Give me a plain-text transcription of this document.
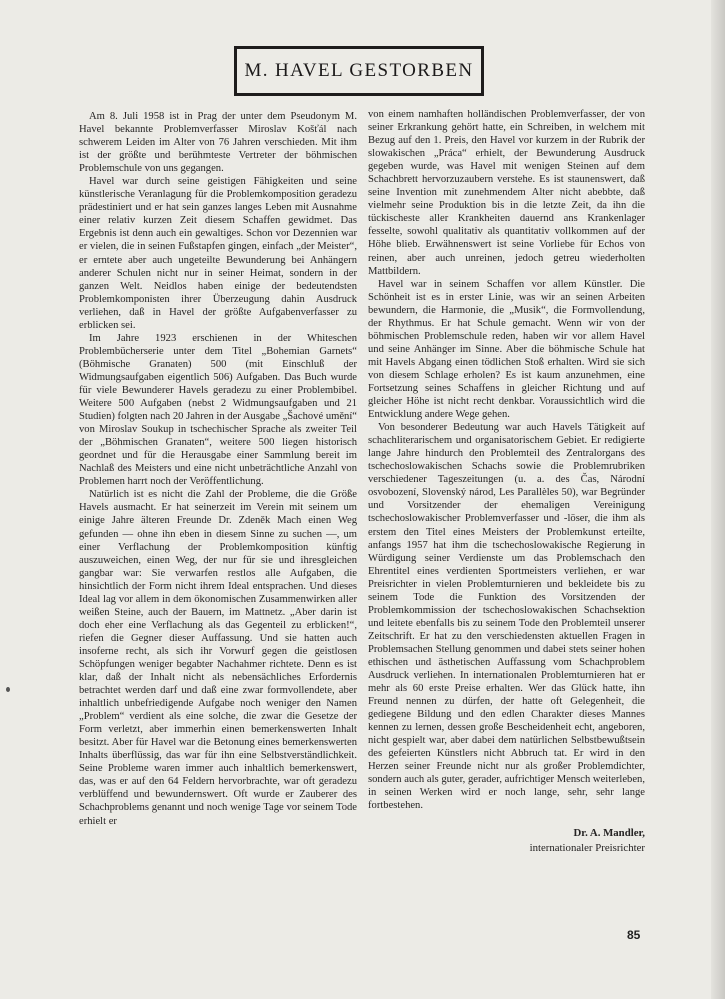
M. HAVEL GESTORBEN

Am 8. Juli 1958 ist in Prag der unter dem Pseudonym M. Havel bekannte Problemverfasser Miroslav Košťál nach schwerem Leiden im Alter von 76 Jahren verschieden. Mit ihm ist der größte und berühmteste Vertreter der böhmischen Problemschule von uns gegangen.

Havel war durch seine geistigen Fähigkeiten und seine künstlerische Veranlagung für die Problemkomposition geradezu prädestiniert und er hat sein ganzes langes Leben mit Ausnahme einer relativ kurzen Zeit diesem Schaffen gewidmet. Das Ergebnis ist denn auch ein gewaltiges. Schon vor Dezennien war er vielen, die in seinen Fußstapfen gingen, einfach „der Meister“, er erntete aber auch ungeteilte Bewunderung bei Anhängern anderer Schulen nicht nur in seiner Heimat, sondern in der ganzen Welt. Neidlos haben einige der bedeutendsten Problemkomponisten ihrer Überzeugung dahin Ausdruck verliehen, daß in Havel der größte Aufgabenverfasser zu erblicken sei.

Im Jahre 1923 erschienen in der Whiteschen Problembücherserie unter dem Titel „Bohemian Garnets“ (Böhmische Granaten) 500 (mit Einschluß der Widmungsaufgaben eigentlich 506) Aufgaben. Das Buch wurde für viele Bewunderer Havels geradezu zu einer Problembibel. Weitere 500 Aufgaben (nebst 2 Widmungsaufgaben und 21 Studien) folgten nach 20 Jahren in der Ausgabe „Šachové umění“ von Miroslav Soukup in tschechischer Sprache als zweiter Teil der „Böhmischen Granaten“, weitere 500 liegen historisch geordnet und für die Herausgabe einer Sammlung bereit im Nachlaß des Meisters und eine nicht unbeträchtliche Anzahl von Problemen harrt noch der Veröffentlichung.

Natürlich ist es nicht die Zahl der Probleme, die die Größe Havels ausmacht. Er hat seinerzeit im Verein mit seinem um einige Jahre älteren Freunde Dr. Zdeněk Mach einen Weg gefunden — ohne ihn eben in diesem Sinne zu suchen —, um einer Verflachung der Problemkomposition künftig auszuweichen, einen Weg, der nur für sie und ihresgleichen gangbar war: Sie verwarfen restlos alle Aufgaben, die hinsichtlich der Form nicht ihrem Ideal entsprachen. Und dieses Ideal lag vor allem in dem ökonomischen Zusammenwirken aller weißen Steine, auch der Bauern, im Mattnetz. „Aber darin ist doch eher eine Verflachung als das Gegenteil zu erblicken!“, riefen die Gegner dieser Auffassung. Und sie hatten auch insoferne recht, als sich ihr Vorwurf gegen die geistlosen Schöpfungen weniger begabter Nachahmer richtete. Denn es ist klar, daß der Inhalt nicht als nebensächliches Erfordernis betrachtet werden darf und daß eine zwar formvollendete, aber inhaltlich unbefriedigende Aufgabe noch weniger den Namen „Problem“ verdient als eine solche, die zwar die Gesetze der Form verletzt, aber immerhin einen bemerkenswerten Inhalt besitzt. Aber für Havel war die Betonung eines bemerkenswerten Inhalts überflüssig, das war für ihn eine Selbstverständlichkeit. Seine Probleme waren immer auch inhaltlich bemerkenswert, das, was er auf den 64 Feldern hervorbrachte, war oft geradezu verblüffend und bewundernswert. Oft wurde er Zauberer des Schachproblems genannt und noch wenige Tage vor seinem Tode erhielt er

von einem namhaften holländischen Problemverfasser, der von seiner Erkrankung gehört hatte, ein Schreiben, in welchem mit Bezug auf den 1. Preis, den Havel vor kurzem in der Rubrik der slowakischen „Práca“ erhielt, der Bewunderung Ausdruck gegeben wurde, was Havel mit wenigen Steinen auf dem Schachbrett hervorzuzaubern verstehe. Es ist staunenswert, daß seine Invention mit zunehmendem Alter nicht abebbte, daß vielmehr seine Produktion bis in die letzte Zeit, da ihn die tückischeste aller Krankheiten dauernd ans Krankenlager fesselte, sowohl qualitativ als quantitativ vollkommen auf der Höhe blieb. Erwähnenswert ist seine Vorliebe für Echos von reinen, aber auch unreinen, jedoch getreu wiederholten Mattbildern.

Havel war in seinem Schaffen vor allem Künstler. Die Schönheit ist es in erster Linie, was wir an seinen Arbeiten bewundern, die Harmonie, die „Musik“, die Formvollendung, der Rhythmus. Er hat Schule gemacht. Wenn wir von der böhmischen Problemschule reden, haben wir vor allem Havel und seine Anhänger im Sinne. Aber die böhmische Schule hat mit Havels Abgang einen tödlichen Stoß erhalten. Wird sie sich von diesem Schlage erholen? Es ist kaum anzunehmen, eine Fortsetzung seines Schaffens in gleicher Richtung und auf gleicher Höhe ist nicht recht denkbar. Voraussichtlich wird die Entwicklung andere Wege gehen.

Von besonderer Bedeutung war auch Havels Tätigkeit auf schachliterarischem und organisatorischem Gebiet. Er redigierte lange Jahre hindurch den Problemteil des Zentralorgans des tschechoslowakischen Schachs sowie die Problemrubriken verschiedener Tageszeitungen (u. a. des Čas, Národní osvobození, Slovenský národ, Les Parallèles 50), war Begründer und Vorsitzender der ehemaligen Vereinigung tschechoslowakischer Problemverfasser und -löser, die ihm als erstem den Titel eines Meisters der Problemkunst erteilte, anfangs 1957 hat ihm die tschechoslowakische Regierung in Würdigung seiner Verdienste um das Problemschach den Ehrentitel eines verdienten Sportmeisters verliehen, er war Preisrichter in vielen Problemturnieren und bekleidete bis zu seinem Tode die Funktion des Vorsitzenden der Problemkommission der tschechoslowakischen Schachsektion und leitete ebenfalls bis zu seinem Tode den Problemteil unserer Zeitschrift. Er hat zu den verschiedensten aktuellen Fragen in Problemsachen Stellung genommen und dabei stets seiner hohen ethischen und ästhetischen Auffassung vom Schachproblem Ausdruck verliehen. In internationalen Problemturnieren hat er mehr als 60 erste Preise erhalten. Wer das Glück hatte, ihn Freund nennen zu dürfen, der hatte oft Gelegenheit, die gediegene Bildung und den edlen Charakter dieses Mannes kennen zu lernen, dessen große Bescheidenheit echt, angeboren, nicht gespielt war, aber dabei dem natürlichen Selbstbewußtsein des gefeierten Künstlers nicht Abbruch tat. Er wird in den Herzen seiner Freunde nicht nur als großer Problemdichter, sondern auch als guter, gerader, aufrichtiger Mensch weiterleben, in seinen Werken wird er noch lange, sehr, sehr lange fortbestehen.

Dr. A. Mandler,
internationaler Preisrichter
85
